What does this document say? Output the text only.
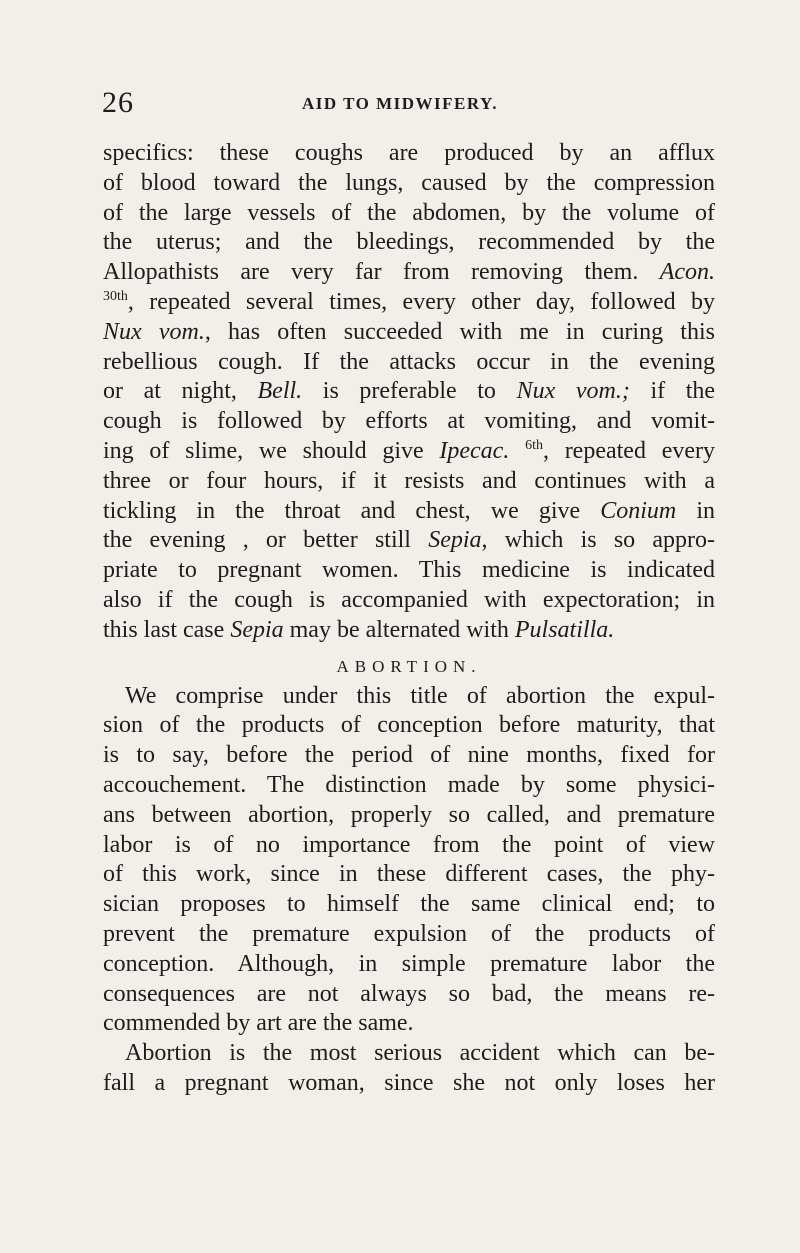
26	AID TO MIDWIFERY.
specifics: these coughs are produced by an afflux
of blood toward the lungs, caused by the compression
of the large vessels of the abdomen, by the volume of
the uterus; and the bleedings, recommended by the
Allopathists are very far from removing them. Acon.
$^{30th}$, repeated several times, every other day, followed by
Nux vom., has often succeeded with me in curing this
rebellious cough. If the attacks occur in the evening
or at night, Bell. is preferable to Nux vom.; if the
cough is followed by efforts at vomiting, and vomit-
ing of slime, we should give Ipecac. $^{6th}$, repeated every
three or four hours, if it resists and continues with a
tickling in the throat and chest, we give Conium in
the evening , or better still Sepia, which is so appro-
priate to pregnant women. This medicine is indicated
also if the cough is accompanied with expectoration; in
this last case Sepia may be alternated with Pulsatilla.
ABORTION.
We comprise under this title of abortion the expul-
sion of the products of conception before maturity, that
is to say, before the period of nine months, fixed for
accouchement. The distinction made by some physici-
ans between abortion, properly so called, and premature
labor is of no importance from the point of view
of this work, since in these different cases, the phy-
sician proposes to himself the same clinical end; to
prevent the premature expulsion of the products of
conception. Although, in simple premature labor the
consequences are not always so bad, the means re-
commended by art are the same.
Abortion is the most serious accident which can be-
fall a pregnant woman, since she not only loses her
